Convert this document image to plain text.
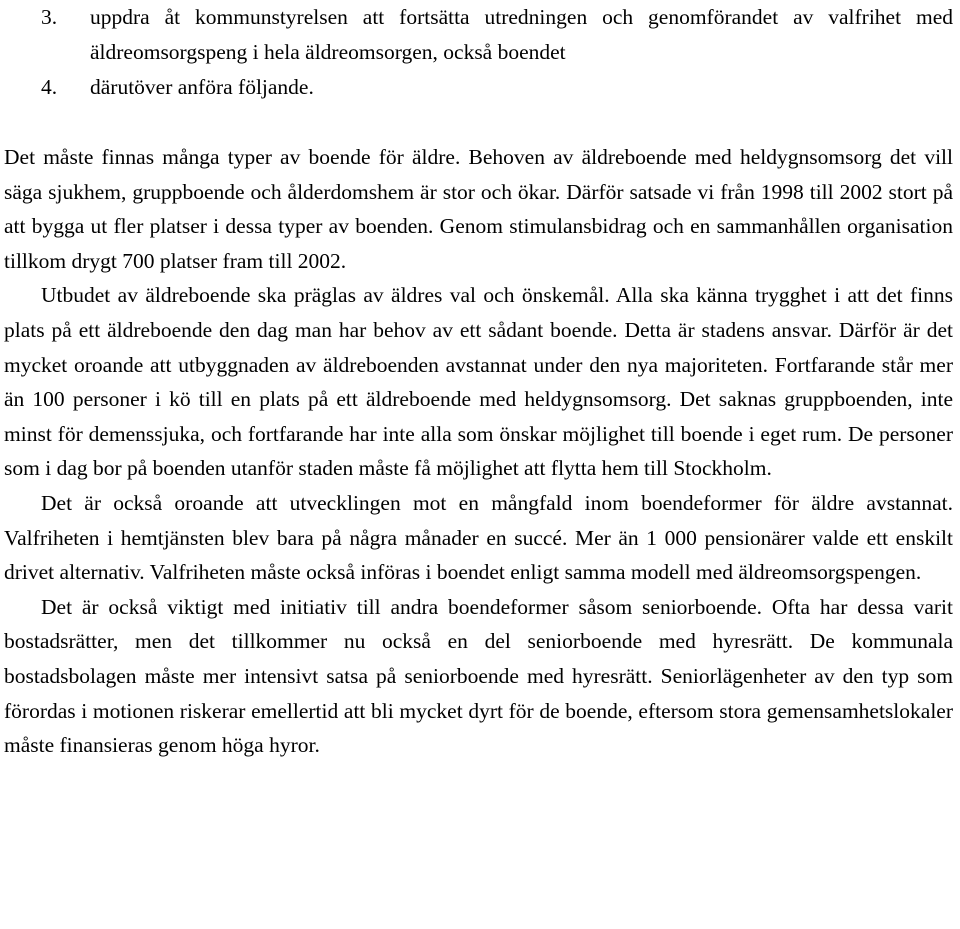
3. uppdra åt kommunstyrelsen att fortsätta utredningen och genomförandet av valfrihet med äldreomsorgspeng i hela äldreomsorgen, också boendet
4. därutöver anföra följande.

Det måste finnas många typer av boende för äldre. Behoven av äldreboende med heldygnsomsorg det vill säga sjukhem, gruppboende och ålderdomshem är stor och ökar. Därför satsade vi från 1998 till 2002 stort på att bygga ut fler platser i dessa typer av boenden. Genom stimulansbidrag och en sammanhållen organisation tillkom drygt 700 platser fram till 2002.

Utbudet av äldreboende ska präglas av äldres val och önskemål. Alla ska känna trygghet i att det finns plats på ett äldreboende den dag man har behov av ett sådant boende. Detta är stadens ansvar. Därför är det mycket oroande att utbyggnaden av äldreboenden avstannat under den nya majoriteten. Fortfarande står mer än 100 personer i kö till en plats på ett äldreboende med heldygnsomsorg. Det saknas gruppboenden, inte minst för demenssjuka, och fortfarande har inte alla som önskar möjlighet till boende i eget rum. De personer som i dag bor på boenden utanför staden måste få möjlighet att flytta hem till Stockholm.

Det är också oroande att utvecklingen mot en mångfald inom boendeformer för äldre avstannat. Valfriheten i hemtjänsten blev bara på några månader en succé. Mer än 1 000 pensionärer valde ett enskilt drivet alternativ. Valfriheten måste också införas i boendet enligt samma modell med äldreomsorgspengen.

Det är också viktigt med initiativ till andra boendeformer såsom seniorboende. Ofta har dessa varit bostadsrätter, men det tillkommer nu också en del seniorboende med hyresrätt. De kommunala bostadsbolagen måste mer intensivt satsa på seniorboende med hyresrätt. Seniorlägenheter av den typ som förordas i motionen riskerar emellertid att bli mycket dyrt för de boende, eftersom stora gemensamhetslokaler måste finansieras genom höga hyror.
